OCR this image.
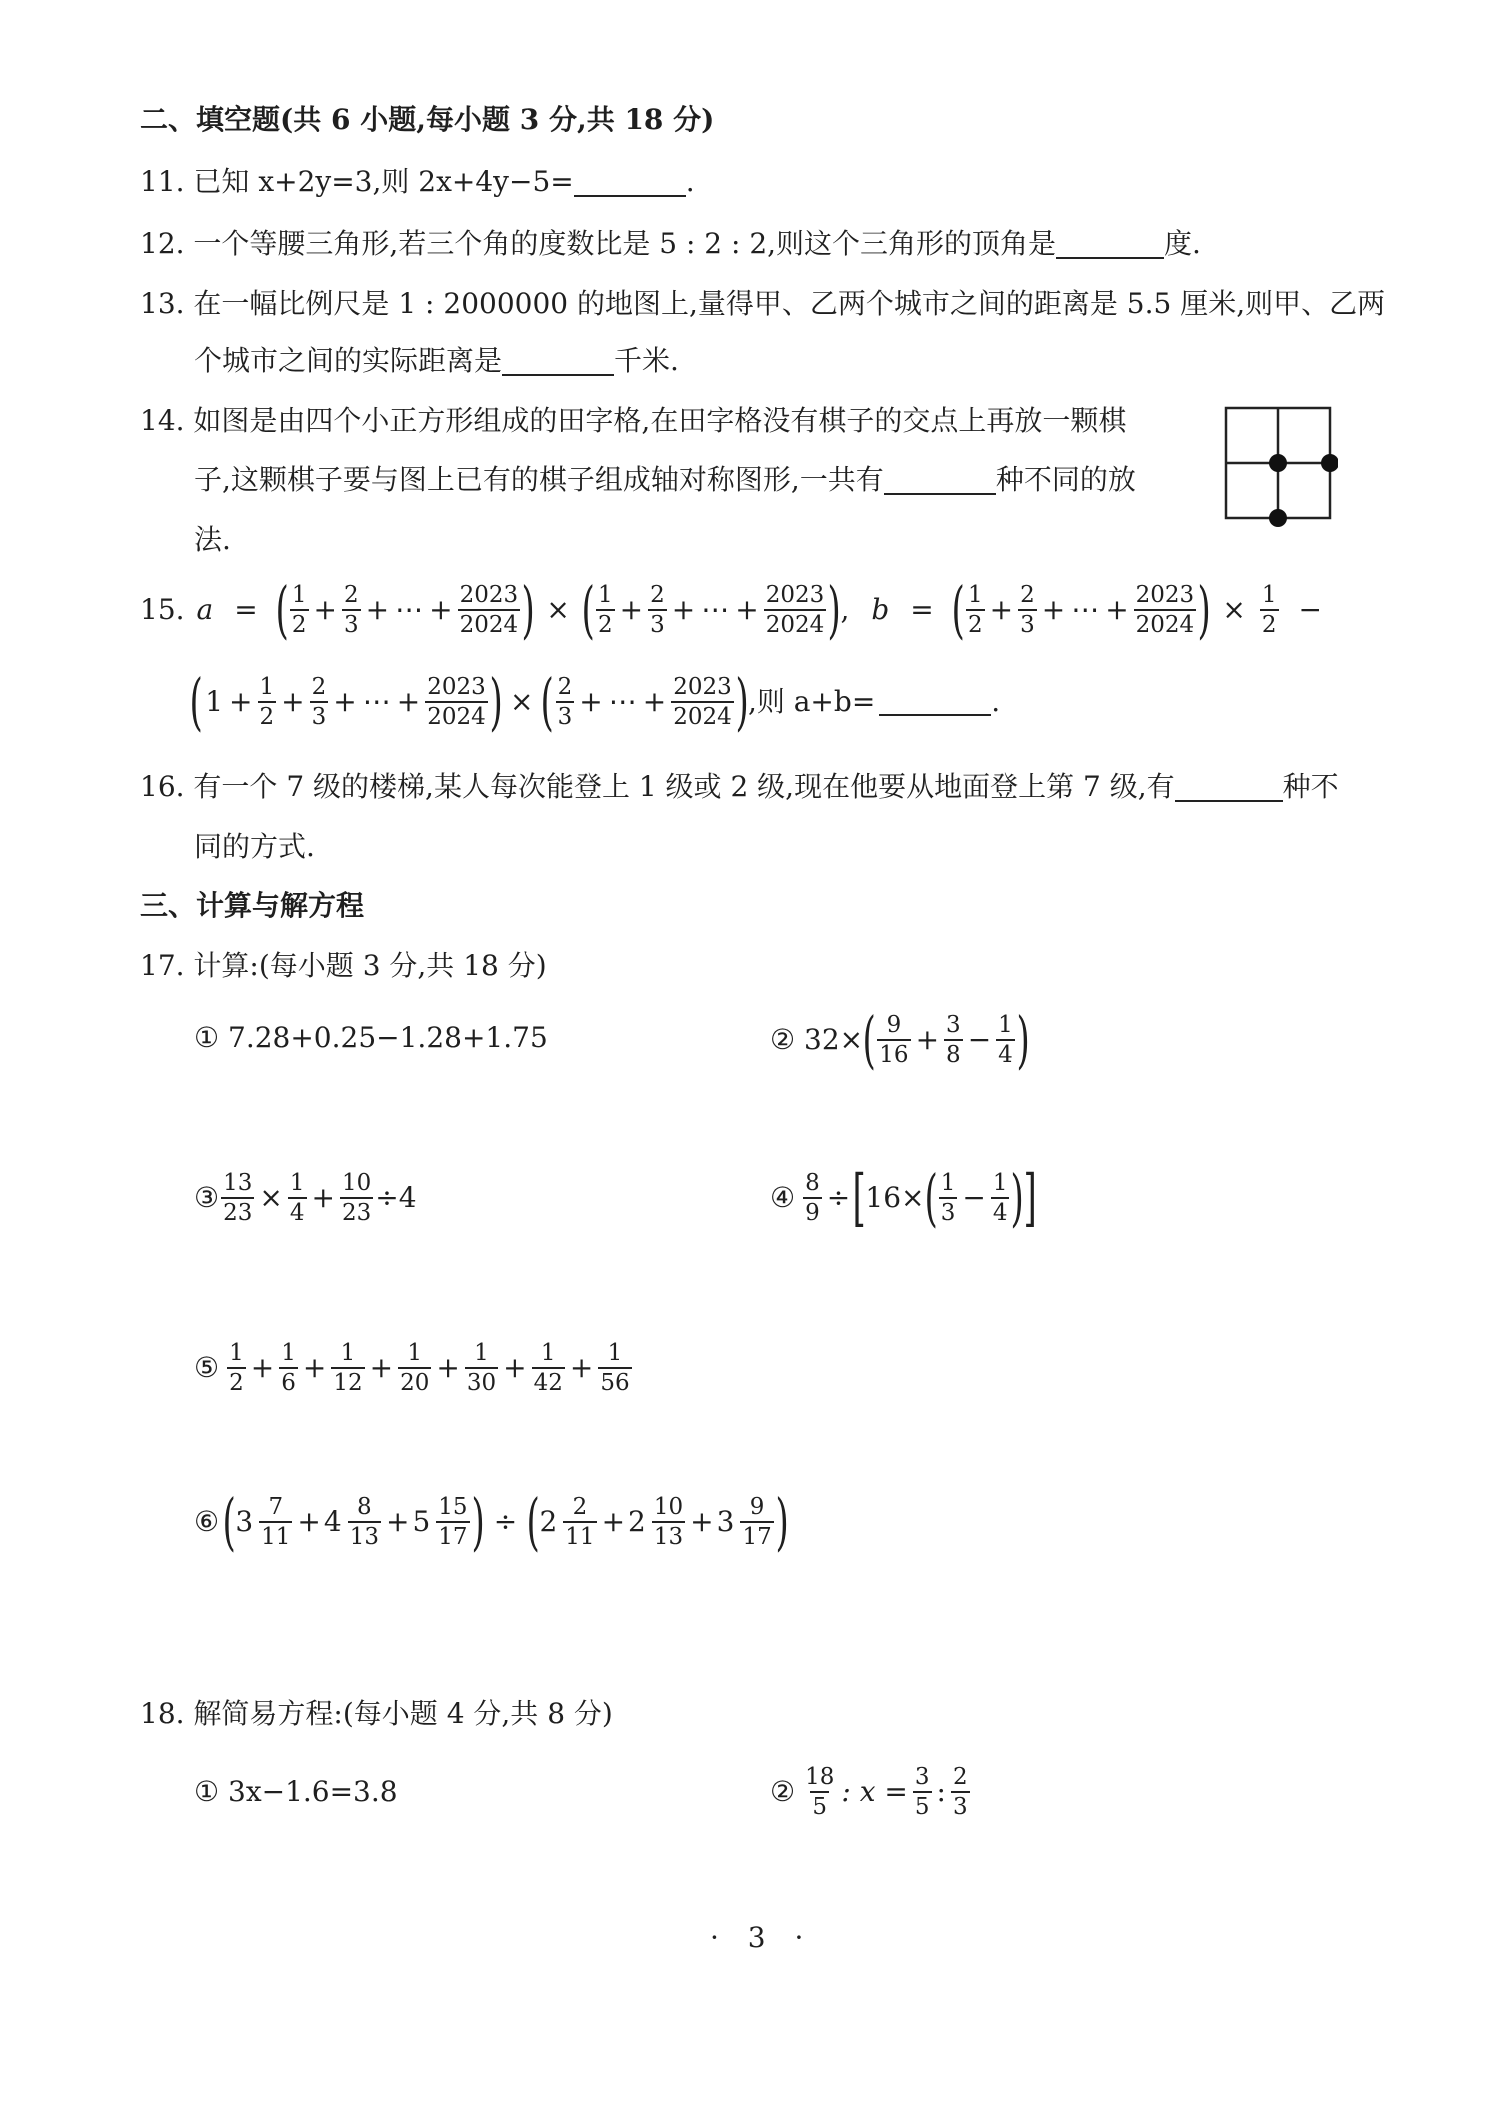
二、填空题(共 6 小题,每小题 3 分,共 18 分)
11. 已知 x+2y=3,则 2x+4y−5=	.
12. 一个等腰三角形,若三个角的度数比是 5 : 2 : 2,则这个三角形的顶角是	度.
13. 在一幅比例尺是 1 : 2000000 的地图上,量得甲、乙两个城市之间的距离是 5.5 厘米,则甲、乙两
个城市之间的实际距离是	千米.
14. 如图是由四个小正方形组成的田字格,在田字格没有棋子的交点上再放一颗棋
子,这颗棋子要与图上已有的棋子组成轴对称图形,一共有	种不同的放
法.
15. a = ( $\frac{1}{2} + \frac{2}{3}$ + ⋯ + $\frac{2023}{2024}$ ) × ( $\frac{1}{2} + \frac{2}{3}$ + ⋯ + $\frac{2023}{2024}$ ) , b = ( $\frac{1}{2} + \frac{2}{3}$ + ⋯ + $\frac{2023}{2024}$ ) × $\frac{1}{2}$ −
( $1 + \frac{1}{2} + \frac{2}{3}$ + ⋯ + $\frac{2023}{2024}$ ) × ( $\frac{2}{3}$ + ⋯ + $\frac{2023}{2024}$ ) ,则 a+b=	.
16. 有一个 7 级的楼梯,某人每次能登上 1 级或 2 级,现在他要从地面登上第 7 级,有	种不
同的方式.
三、计算与解方程
17. 计算:(每小题 3 分,共 18 分)
① 7.28+0.25−1.28+1.75	② 32× ( $\frac{9}{16} + \frac{3}{8} - \frac{1}{4}$ )
③ $\frac{13}{23} \times \frac{1}{4} + \frac{10}{23} \div 4$	④ $\frac{8}{9}$ ÷ [ 16× ( $\frac{1}{3} - \frac{1}{4}$ )
]
⑤ $\frac{1}{2} + \frac{1}{6} + \frac{1}{12} + \frac{1}{20} + \frac{1}{30} + \frac{1}{42} + \frac{1}{56}$
⑥ ( $3 \frac{7}{11} + 4 \frac{8}{13} + 5 \frac{15}{17}$ ) ÷ ( $2 \frac{2}{11} + 2 \frac{10}{13} + 3 \frac{9}{17}$ )
18. 解简易方程:(每小题 4 分,共 8 分)
① 3x−1.6=3.8	② $\frac{18}{5}$ : $x = \frac{3}{5}$ : $\frac{2}{3}$
· 3 ·
